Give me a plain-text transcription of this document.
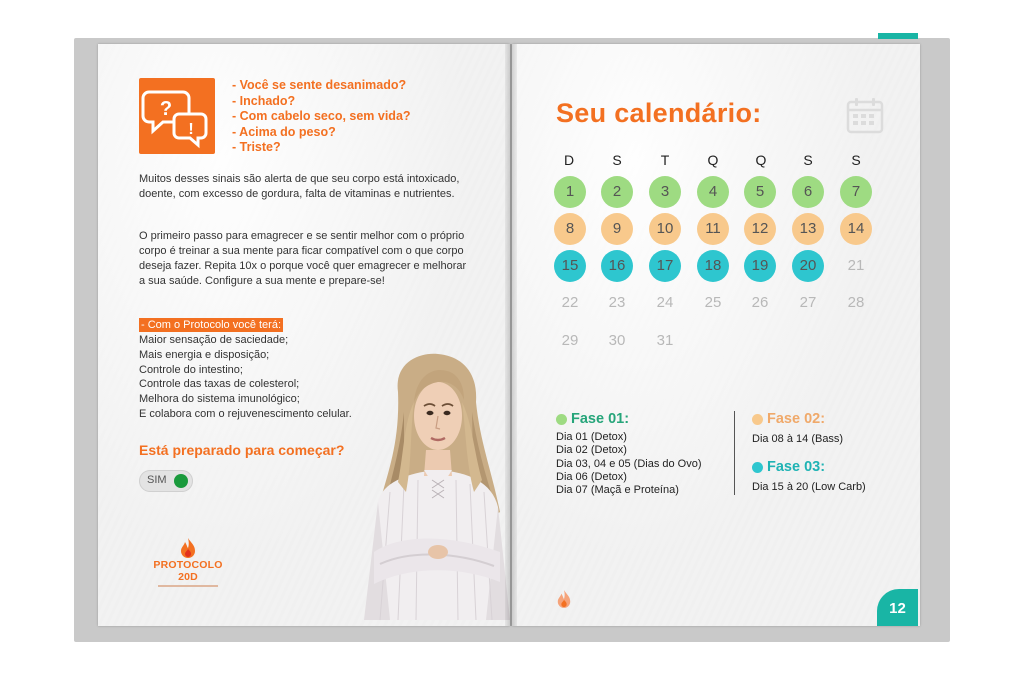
?
!
- Você se sente desanimado?
- Inchado?
- Com cabelo seco, sem vida?
- Acima do peso?
- Triste?

Muitos desses sinais são alerta de que seu corpo está intoxicado, doente, com excesso de gordura, falta de vitaminas e nutrientes.

O primeiro passo para emagrecer e se sentir melhor com o próprio corpo é treinar a sua mente para ficar compatível com o que corpo deseja fazer. Repita 10x o porque você quer emagrecer e melhorar a sua saúde. Configure a sua mente e prepare-se!

- Com o Protocolo você terá:
Maior sensação de saciedade;
Mais energia e disposição;
Controle do intestino;
Controle das taxas de colesterol;
Melhora do sistema imunológico;
E colabora com o rejuvenescimento celular.
Está preparado para começar?
SIM
PROTOCOLO 20D
Seu calendário:
D	S	T	Q	Q	S	S
1	2	3	4	5	6	7
8	9	10	11	12	13	14
15	16	17	18	19	20	21
22	23	24	25	26	27	28
29	30	31
Fase 01:
Dia 01 (Detox)
Dia 02 (Detox)
Dia 03, 04 e 05 (Dias do Ovo)
Dia 06 (Detox)
Dia 07 (Maçã e Proteína)
Fase 02:
Dia 08 à 14 (Bass)
Fase 03:
Dia 15 à 20 (Low Carb)
12
